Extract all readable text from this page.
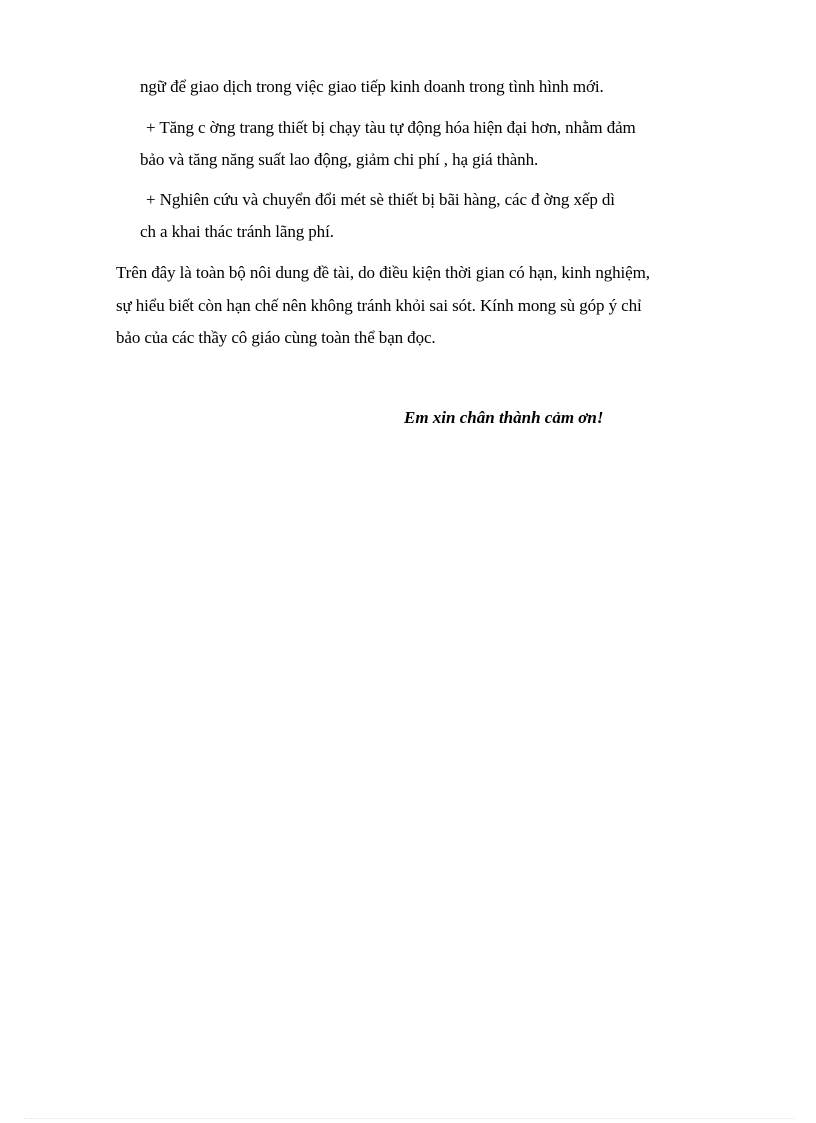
ngữ để giao dịch trong việc giao tiếp kinh doanh trong tình hình mới.
+ Tăng c ờng trang thiết bị chạy tàu tự động hóa hiện đại hơn, nhằm đảm
bảo và tăng năng suất lao động, giảm chi phí , hạ giá thành.
+ Nghiên cứu và chuyển đổi mét sè thiết bị bãi hàng, các đ ờng xếp dì
ch a khai thác tránh lãng phí.
Trên đây là toàn bộ nôi dung đề tài, do điều kiện thời gian có hạn, kinh nghiệm,
sự hiểu biết còn hạn chế nên không tránh khỏi sai sót. Kính mong sù góp ý chỉ
bảo của các thầy cô giáo cùng toàn thể bạn đọc.
Em xin chân thành cảm ơn!
